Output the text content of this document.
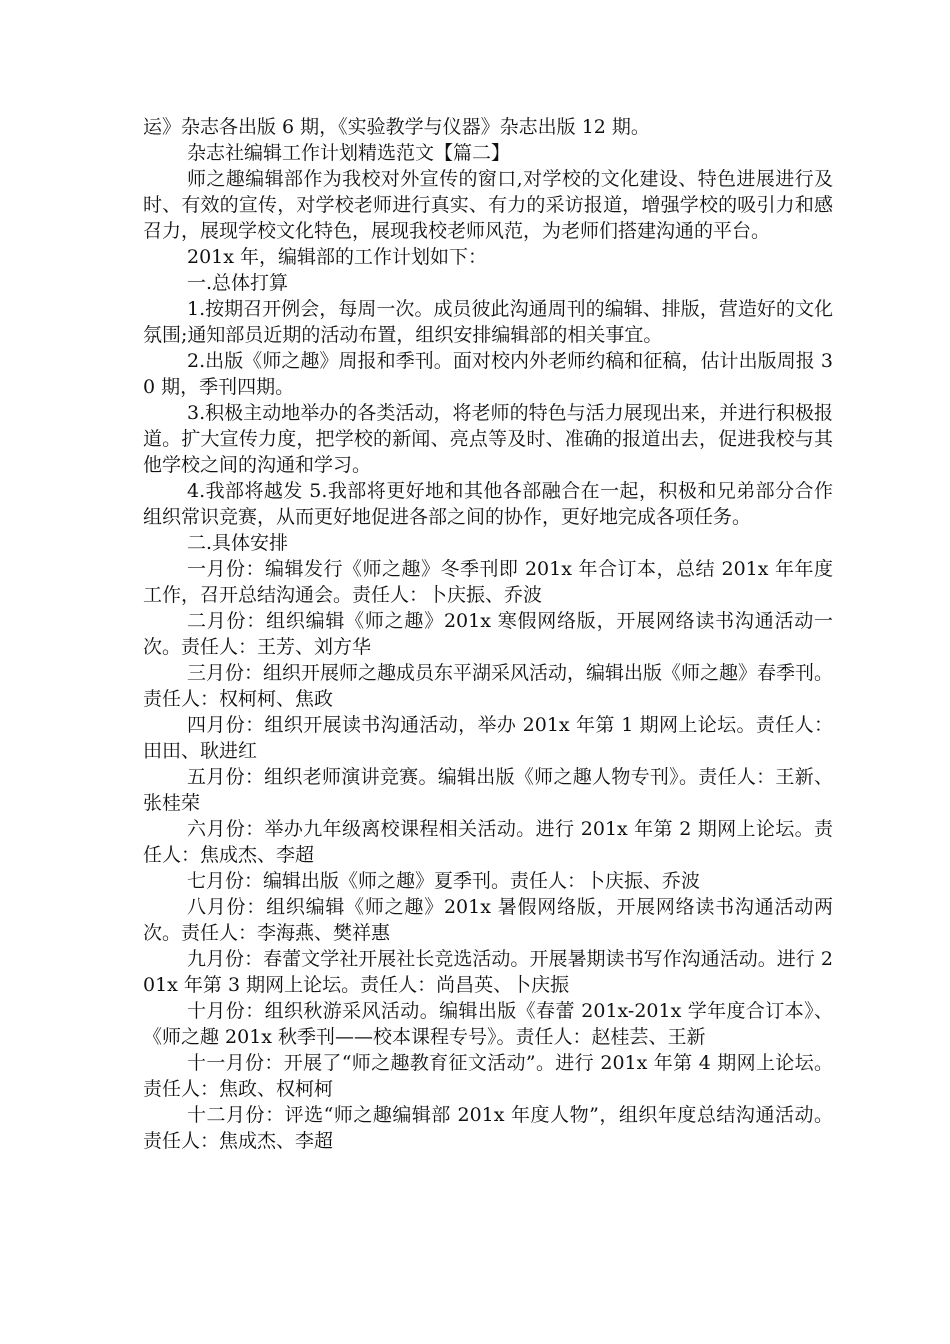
运》杂志各出版 6 期，《实验教学与仪器》杂志出版 12 期。

杂志社编辑工作计划精选范文【篇二】

师之趣编辑部作为我校对外宣传的窗口,对学校的文化建设、特色进展进行及时、有效的宣传，对学校老师进行真实、有力的采访报道，增强学校的吸引力和感召力，展现学校文化特色，展现我校老师风范，为老师们搭建沟通的平台。

201x 年，编辑部的工作计划如下：

一.总体打算

1.按期召开例会，每周一次。成员彼此沟通周刊的编辑、排版，营造好的文化氛围;通知部员近期的活动布置，组织安排编辑部的相关事宜。

2.出版《师之趣》周报和季刊。面对校内外老师约稿和征稿，估计出版周报 30 期，季刊四期。

3.积极主动地举办的各类活动，将老师的特色与活力展现出来，并进行积极报道。扩大宣传力度，把学校的新闻、亮点等及时、准确的报道出去，促进我校与其他学校之间的沟通和学习。

4.我部将越发 5.我部将更好地和其他各部融合在一起，积极和兄弟部分合作组织常识竞赛，从而更好地促进各部之间的协作，更好地完成各项任务。

二.具体安排

一月份：编辑发行《师之趣》冬季刊即 201x 年合订本，总结 201x 年年度工作，召开总结沟通会。责任人：卜庆振、乔波

二月份：组织编辑《师之趣》201x 寒假网络版，开展网络读书沟通活动一次。责任人：王芳、刘方华

三月份：组织开展师之趣成员东平湖采风活动，编辑出版《师之趣》春季刊。责任人：权柯柯、焦政

四月份：组织开展读书沟通活动，举办 201x 年第 1 期网上论坛。责任人：田田、耿进红

五月份：组织老师演讲竞赛。编辑出版《师之趣人物专刊》。责任人：王新、张桂荣

六月份：举办九年级离校课程相关活动。进行 201x 年第 2 期网上论坛。责任人：焦成杰、李超

七月份：编辑出版《师之趣》夏季刊。责任人：卜庆振、乔波

八月份：组织编辑《师之趣》201x 暑假网络版，开展网络读书沟通活动两次。责任人：李海燕、樊祥惠

九月份：春蕾文学社开展社长竞选活动。开展暑期读书写作沟通活动。进行 201x 年第 3 期网上论坛。责任人：尚昌英、卜庆振

十月份：组织秋游采风活动。编辑出版《春蕾 201x-201x 学年度合订本》、《师之趣 201x 秋季刊——校本课程专号》。责任人：赵桂芸、王新

十一月份：开展了“师之趣教育征文活动”。进行 201x 年第 4 期网上论坛。责任人：焦政、权柯柯

十二月份：评选“师之趣编辑部 201x 年度人物”，组织年度总结沟通活动。责任人：焦成杰、李超
